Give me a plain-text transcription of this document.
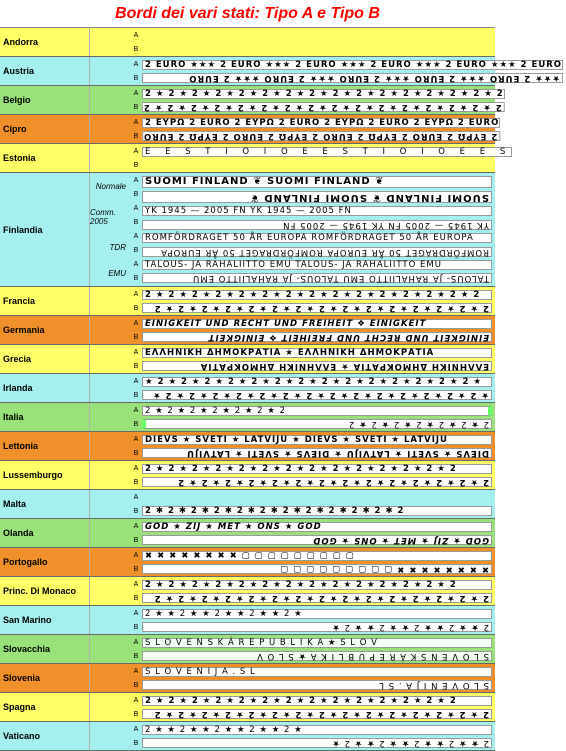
Bordi dei vari stati: Tipo A e Tipo B
Andorra
A
B
Austria
A
B
2 EURO ★★★ 2 EURO ★★★ 2 EURO ★★★ 2 EURO ★★★ 2 EURO ★★★ 2 EURO
★★★ 2 EURO ★★★ 2 EURO ★★★ 2 EURO ★★★ 2 EURO ★★★ 2 EURO
Belgio
A
B
2 ★ 2 ★ 2 ★ 2 ★ 2 ★ 2 ★ 2 ★ 2 ★ 2 ★ 2 ★ 2 ★ 2 ★ 2 ★ 2 ★ 2 ★ 2
2 ★ 2 ★ 2 ★ 2 ★ 2 ★ 2 ★ 2 ★ 2 ★ 2 ★ 2 ★ 2 ★ 2 ★ 2 ★ 2 ★ 2 ★ 2
Cipro
A
B
2 ΕΥΡΩ 2 EURO 2 ΕΥΡΩ 2 EURO 2 ΕΥΡΩ 2 EURO 2 ΕΥΡΩ 2 EURO
2 ΕΥΡΩ 2 EURO 2 ΕΥΡΩ 2 EURO 2 ΕΥΡΩ 2 EURO 2 ΕΥΡΩ 2 EURO
Estonia
A
B
E E S T I O I O E E S T I O I O E E S
Finlandia
Normale
Comm. 2005
TDR
EMU
A
B
A
B
A
B
A
B
SUOMI FINLAND ❦ SUOMI FINLAND ❦
SUOMI FINLAND ❦ SUOMI FINLAND ❦
YK 1945 — 2005 FN YK 1945 — 2005 FN
YK 1945 — 2005 FN YK 1945 — 2005 FN
ROMFÖRDRAGET 50 ÅR EUROPA ROMFÖRDRAGET 50 ÅR EUROPA
ROMFÖRDRAGET 50 ÅR EUROPA ROMFÖRDRAGET 50 ÅR EUROPA
TALOUS- JA RAHALIITTO EMU TALOUS- JA RAHALIITTO EMU
TALOUS- JA RAHALIITTO EMU TALOUS- JA RAHALIITTO EMU
Francia
A
B
2 ★ 2 ★ 2 ★ 2 ★ 2 ★ 2 ★ 2 ★ 2 ★ 2 ★ 2 ★ 2 ★ 2 ★ 2 ★ 2 ★ 2
2 ★ 2 ★ 2 ★ 2 ★ 2 ★ 2 ★ 2 ★ 2 ★ 2 ★ 2 ★ 2 ★ 2 ★ 2 ★ 2 ★ 2
Germania
A
B
EINIGKEIT UND RECHT UND FREIHEIT ❖ EINIGKEIT
EINIGKEIT UND RECHT UND FREIHEIT ❖ EINIGKEIT
Grecia
A
B
ΕΛΛΗΝΙΚΗ ΔΗΜΟΚΡΑΤΙΑ ★ ΕΛΛΗΝΙΚΗ ΔΗΜΟΚΡΑΤΙΑ
ΕΛΛΗΝΙΚΗ ΔΗΜΟΚΡΑΤΙΑ ★ ΕΛΛΗΝΙΚΗ ΔΗΜΟΚΡΑΤΙΑ
Irlanda
A
B
★ 2 ★ 2 ★ 2 ★ 2 ★ 2 ★ 2 ★ 2 ★ 2 ★ 2 ★ 2 ★ 2 ★ 2 ★ 2 ★ 2 ★
★ 2 ★ 2 ★ 2 ★ 2 ★ 2 ★ 2 ★ 2 ★ 2 ★ 2 ★ 2 ★ 2 ★ 2 ★ 2 ★ 2 ★
Italia
A
B
2 ★ 2 ★ 2 ★ 2 ★ 2 ★ 2 ★ 2
2 ★ 2 ★ 2 ★ 2 ★ 2 ★ 2 ★ 2
Lettonia
A
B
DIEVS ★ SVETI ★ LATVIJU ★ DIEVS ★ SVETI ★ LATVIJU
DIEVS ★ SVETI ★ LATVIJU ★ DIEVS ★ SVETI ★ LATVIJU
Lussemburgo
A
B
2 ★ 2 ★ 2 ★ 2 ★ 2 ★ 2 ★ 2 ★ 2 ★ 2 ★ 2 ★ 2 ★ 2 ★ 2 ★ 2
2 ★ 2 ★ 2 ★ 2 ★ 2 ★ 2 ★ 2 ★ 2 ★ 2 ★ 2 ★ 2 ★ 2 ★ 2 ★ 2
Malta
A
B 2 ✱ 2 ✱ 2 ✱ 2 ✱ 2 ✱ 2 ✱ 2 ✱ 2 ✱ 2 ✱ 2 ✱ 2 ✱ 2
Olanda
A
B
GOD ★ ZIJ ★ MET ★ ONS ★ GOD
GOD ★ ZIJ ★ MET ★ ONS ★ GOD
Portogallo
A
B
✖ ✖ ✖ ✖ ✖ ✖ ✖ ✖ ▢ ▢ ▢ ▢ ▢ ▢ ▢ ▢ ▢
✖ ✖ ✖ ✖ ✖ ✖ ✖ ✖ ▢ ▢ ▢ ▢ ▢ ▢ ▢ ▢ ▢
Princ. Di Monaco
A
B
2 ★ 2 ★ 2 ★ 2 ★ 2 ★ 2 ★ 2 ★ 2 ★ 2 ★ 2 ★ 2 ★ 2 ★ 2 ★ 2
2 ★ 2 ★ 2 ★ 2 ★ 2 ★ 2 ★ 2 ★ 2 ★ 2 ★ 2 ★ 2 ★ 2 ★ 2 ★ 2 ★ 2
San Marino
A
B
2 ★ ★ 2 ★ ★ 2 ★ ★ 2 ★ ★ 2 ★
2 ★ ★ 2 ★ ★ 2 ★ ★ 2 ★ ★ 2 ★
Slovacchia
A
B
S L O V E N S K Á R E P U B L I K A ★ S L O V
S L O V E N S K Á R E P U B L I K A ★ S L O V
Slovenia
A
B
S L O V E N I J A . S L
S L O V E N I J A . S L
Spagna
A
B
2 ★ 2 ★ 2 ★ 2 ★ 2 ★ 2 ★ 2 ★ 2 ★ 2 ★ 2 ★ 2 ★ 2 ★ 2 ★ 2
2 ★ 2 ★ 2 ★ 2 ★ 2 ★ 2 ★ 2 ★ 2 ★ 2 ★ 2 ★ 2 ★ 2 ★ 2 ★ 2 ★ 2
Vaticano
A
B
2 ★ ★ 2 ★ ★ 2 ★ ★ 2 ★ ★ 2 ★
2 ★ ★ 2 ★ ★ 2 ★ ★ 2 ★ ★ 2 ★
